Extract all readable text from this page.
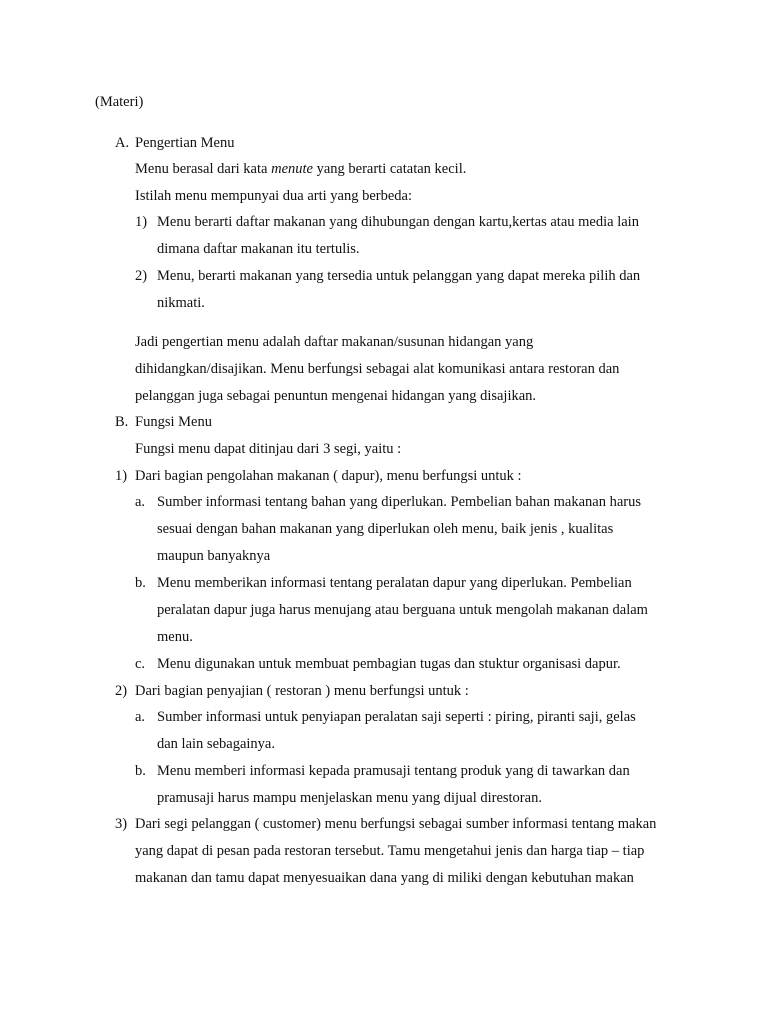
(Materi)
A. Pengertian Menu
Menu berasal dari kata menute yang berarti catatan kecil.
Istilah menu mempunyai dua arti yang berbeda:
1) Menu berarti daftar makanan yang dihubungan dengan kartu,kertas atau media lain
dimana daftar makanan itu tertulis.
2) Menu, berarti makanan yang tersedia untuk pelanggan yang dapat mereka pilih dan
nikmati.
Jadi pengertian menu adalah daftar makanan/susunan hidangan yang
dihidangkan/disajikan. Menu berfungsi sebagai alat komunikasi antara restoran dan
pelanggan juga sebagai penuntun mengenai hidangan yang disajikan.
B. Fungsi Menu
Fungsi menu dapat ditinjau dari 3 segi, yaitu :
1) Dari bagian pengolahan makanan ( dapur), menu berfungsi untuk :
a. Sumber informasi tentang bahan yang diperlukan. Pembelian bahan makanan harus
sesuai dengan bahan makanan yang diperlukan oleh menu, baik jenis , kualitas
maupun banyaknya
b. Menu memberikan informasi tentang peralatan dapur yang diperlukan. Pembelian
peralatan dapur juga harus menujang atau berguana untuk mengolah makanan dalam
menu.
c. Menu digunakan untuk membuat pembagian tugas dan stuktur organisasi dapur.
2) Dari bagian penyajian ( restoran ) menu berfungsi untuk :
a. Sumber informasi untuk penyiapan peralatan saji seperti : piring, piranti saji, gelas
dan lain sebagainya.
b. Menu memberi informasi kepada pramusaji tentang produk yang di tawarkan dan
pramusaji harus mampu menjelaskan menu yang dijual direstoran.
3) Dari segi pelanggan ( customer) menu berfungsi sebagai sumber informasi tentang makan
yang dapat di pesan pada restoran tersebut. Tamu mengetahui jenis dan harga tiap – tiap
makanan dan tamu dapat menyesuaikan dana yang di miliki dengan kebutuhan makan
